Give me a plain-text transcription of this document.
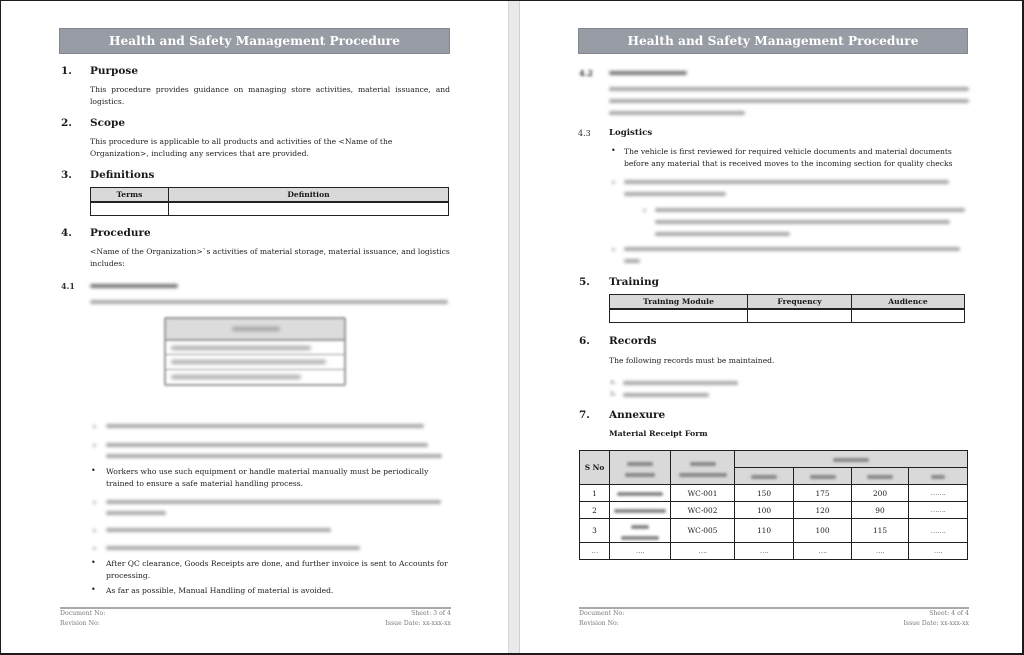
Health and Safety Management Procedure
1. Purpose
This procedure provides guidance on managing store activities, material issuance, and logistics.
2. Scope
This procedure is applicable to all products and activities of the <Name of the Organization>, including any services that are provided.
3. Definitions
Terms	Definition

4. Procedure
<Name of the Organization>`s activities of material storage, material issuance, and logistics includes:
4.1
• Workers who use such equipment or handle material manually must be periodically trained to ensure a safe material handling process.
• After QC clearance, Goods Receipts are done, and further invoice is sent to Accounts for processing.
• As far as possible, Manual Handling of material is avoided.
Document No:
Revision No:
Sheet: 3 of 4
Issue Date: xx-xxx-xx
Health and Safety Management Procedure
4.2
4.3 Logistics
• The vehicle is first reviewed for required vehicle documents and material documents before any material that is received moves to the incoming section for quality checks
5. Training
Training Module	Frequency	Audience

6. Records
The following records must be maintained.
a.
b.
7. Annexure
Material Receipt Form
S No				

1		WC-001	150	175	200	…….
2		WC-002	100	120	90	…….
3		WC-005	110	100	115	…….
…	….	….	….	….	….	….
Document No:
Revision No:
Sheet: 4 of 4
Issue Date: xx-xxx-xx
